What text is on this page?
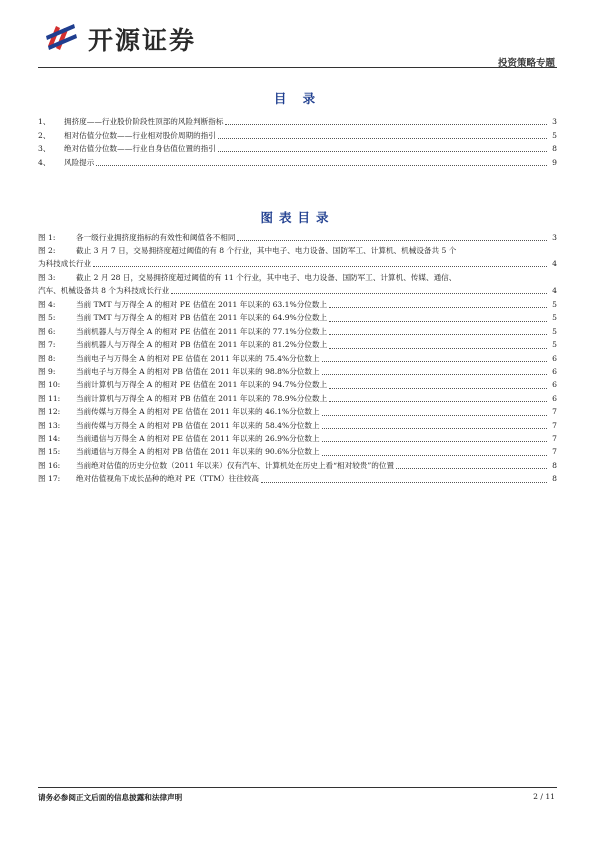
开源证券
投资策略专题
目 录
1、	拥挤度——行业股价阶段性顶部的风险判断指标	3
2、	相对估值分位数——行业相对股价周期的指引	5
3、	绝对估值分位数——行业自身估值位置的指引	8
4、	风险提示	9
图表目录
图 1:	各一级行业拥挤度指标的有效性和阈值各不相同	3
图 2:	截止 3 月 7 日，交易拥挤度超过阈值的有 8 个行业，其中电子、电力设备、国防军工、计算机、机械设备共 5 个
为科技成长行业	4
图 3:	截止 2 月 28 日，交易拥挤度超过阈值的有 11 个行业，其中电子、电力设备、国防军工、计算机、传媒、通信、
汽车、机械设备共 8 个为科技成长行业	4
图 4:	当前 TMT 与万得全 A 的相对 PE 估值在 2011 年以来的 63.1%分位数上	5
图 5:	当前 TMT 与万得全 A 的相对 PB 估值在 2011 年以来的 64.9%分位数上	5
图 6:	当前机器人与万得全 A 的相对 PE 估值在 2011 年以来的 77.1%分位数上	5
图 7:	当前机器人与万得全 A 的相对 PB 估值在 2011 年以来的 81.2%分位数上	5
图 8:	当前电子与万得全 A 的相对 PE 估值在 2011 年以来的 75.4%分位数上	6
图 9:	当前电子与万得全 A 的相对 PB 估值在 2011 年以来的 98.8%分位数上	6
图 10:	当前计算机与万得全 A 的相对 PE 估值在 2011 年以来的 94.7%分位数上	6
图 11:	当前计算机与万得全 A 的相对 PB 估值在 2011 年以来的 78.9%分位数上	6
图 12:	当前传媒与万得全 A 的相对 PE 估值在 2011 年以来的 46.1%分位数上	7
图 13:	当前传媒与万得全 A 的相对 PB 估值在 2011 年以来的 58.4%分位数上	7
图 14:	当前通信与万得全 A 的相对 PE 估值在 2011 年以来的 26.9%分位数上	7
图 15:	当前通信与万得全 A 的相对 PB 估值在 2011 年以来的 90.6%分位数上	7
图 16:	当前绝对估值的历史分位数（2011 年以来）仅有汽车、计算机处在历史上看“相对较贵”的位置	8
图 17:	绝对估值视角下成长品种的绝对 PE（TTM）往往较高	8
请务必参阅正文后面的信息披露和法律声明	2 / 11
